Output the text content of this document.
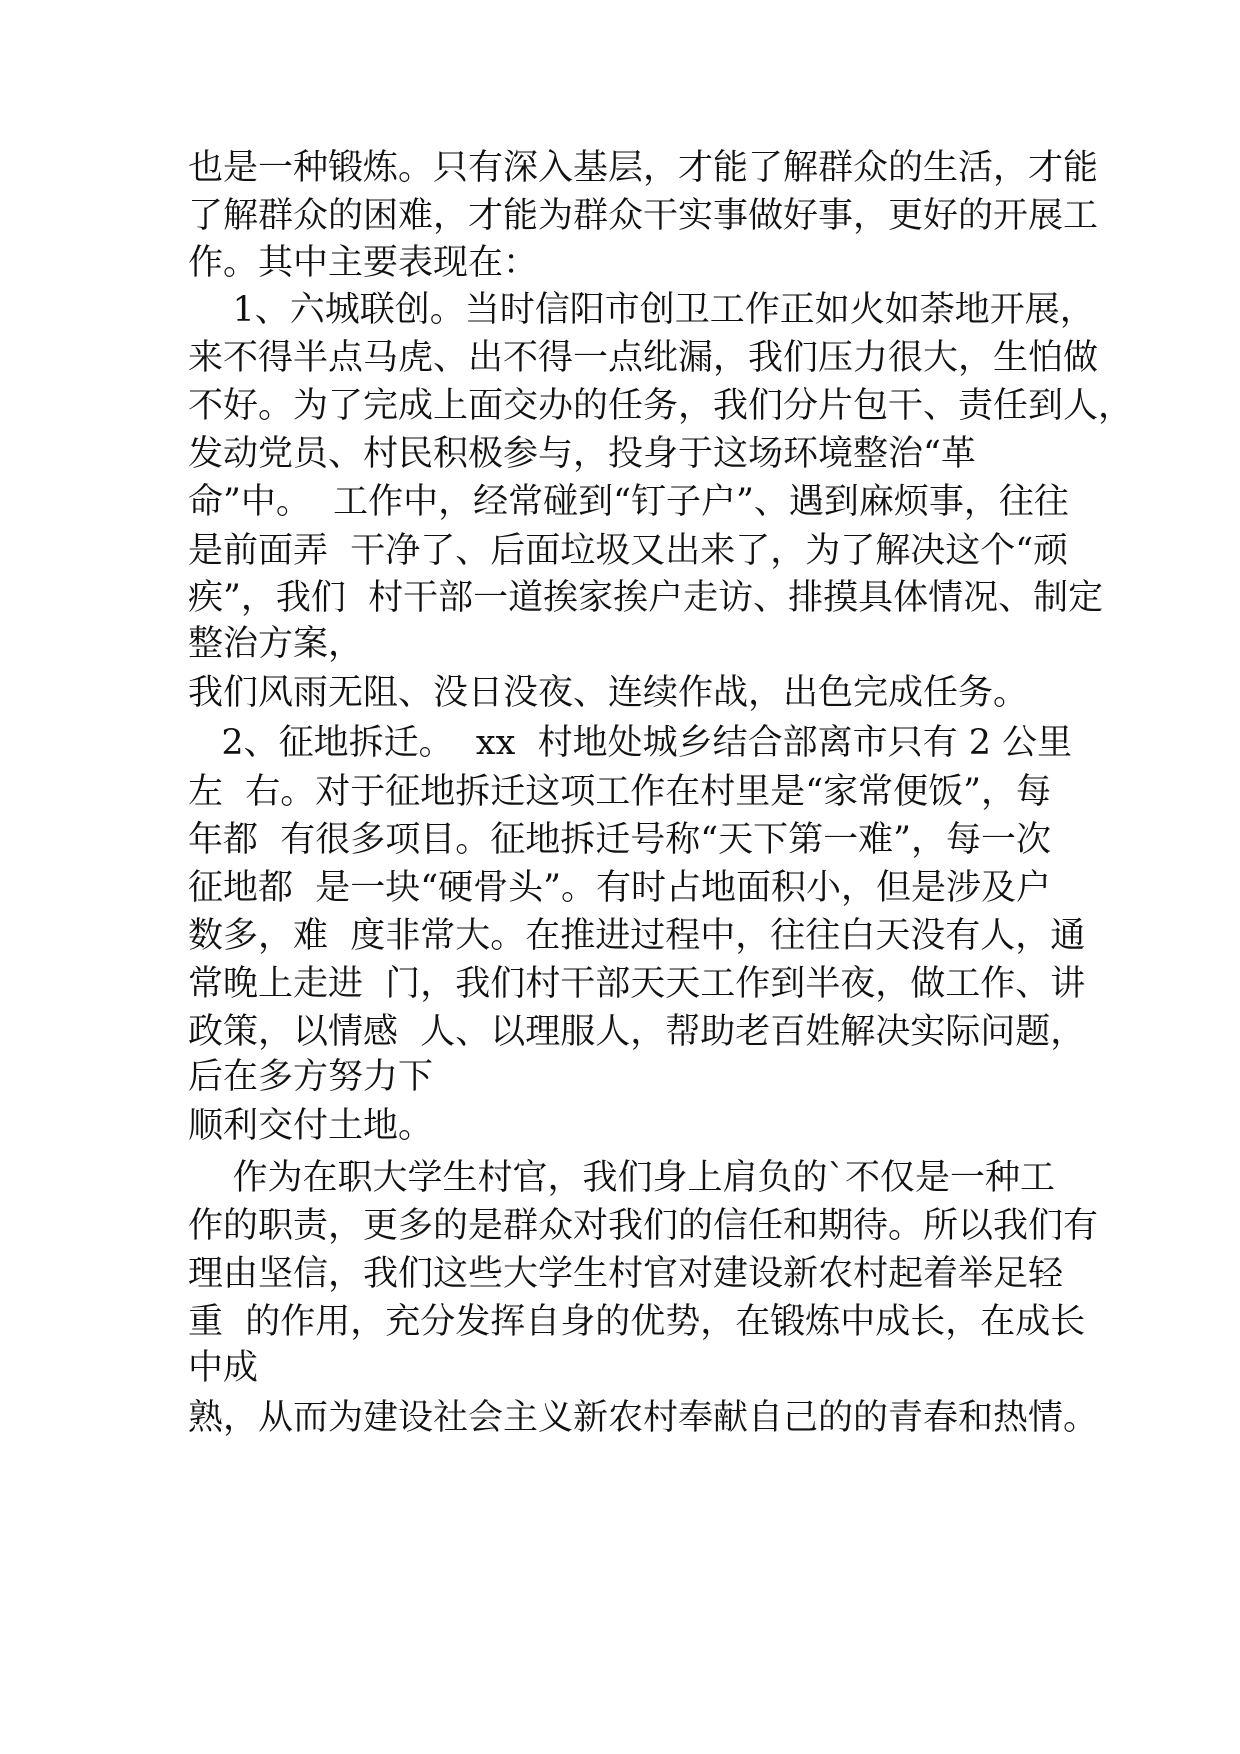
也是一种锻炼。只有深入基层，才能了解群众的生活，才能
了解群众的困难，才能为群众干实事做好事，更好的开展工
作。其中主要表现在：
1、六城联创。当时信阳市创卫工作正如火如荼地开展，
来不得半点马虎、出不得一点纰漏，我们压力很大，生怕做
不好。为了完成上面交办的任务，我们分片包干、责任到人，
发动党员、村民积极参与，投身于这场环境整治“革
命”中。  工作中，经常碰到“钉子户”、遇到麻烦事，往往
是前面弄  干净了、后面垃圾又出来了，为了解决这个“顽
疾”，我们  村干部一道挨家挨户走访、排摸具体情况、制定
整治方案，
我们风雨无阻、没日没夜、连续作战，出色完成任务。
2、征地拆迁。  xx  村地处城乡结合部离市只有 2 公里
左  右。对于征地拆迁这项工作在村里是“家常便饭”，每
年都  有很多项目。征地拆迁号称“天下第一难”，每一次
征地都  是一块“硬骨头”。有时占地面积小，但是涉及户
数多，难  度非常大。在推进过程中，往往白天没有人，通
常晚上走进  门，我们村干部天天工作到半夜，做工作、讲
政策，以情感  人、以理服人，帮助老百姓解决实际问题，
后在多方努力下
顺利交付土地。
作为在职大学生村官，我们身上肩负的`不仅是一种工
作的职责，更多的是群众对我们的信任和期待。所以我们有
理由坚信，我们这些大学生村官对建设新农村起着举足轻
重  的作用，充分发挥自身的优势，在锻炼中成长，在成长
中成
熟，从而为建设社会主义新农村奉献自己的的青春和热情。
